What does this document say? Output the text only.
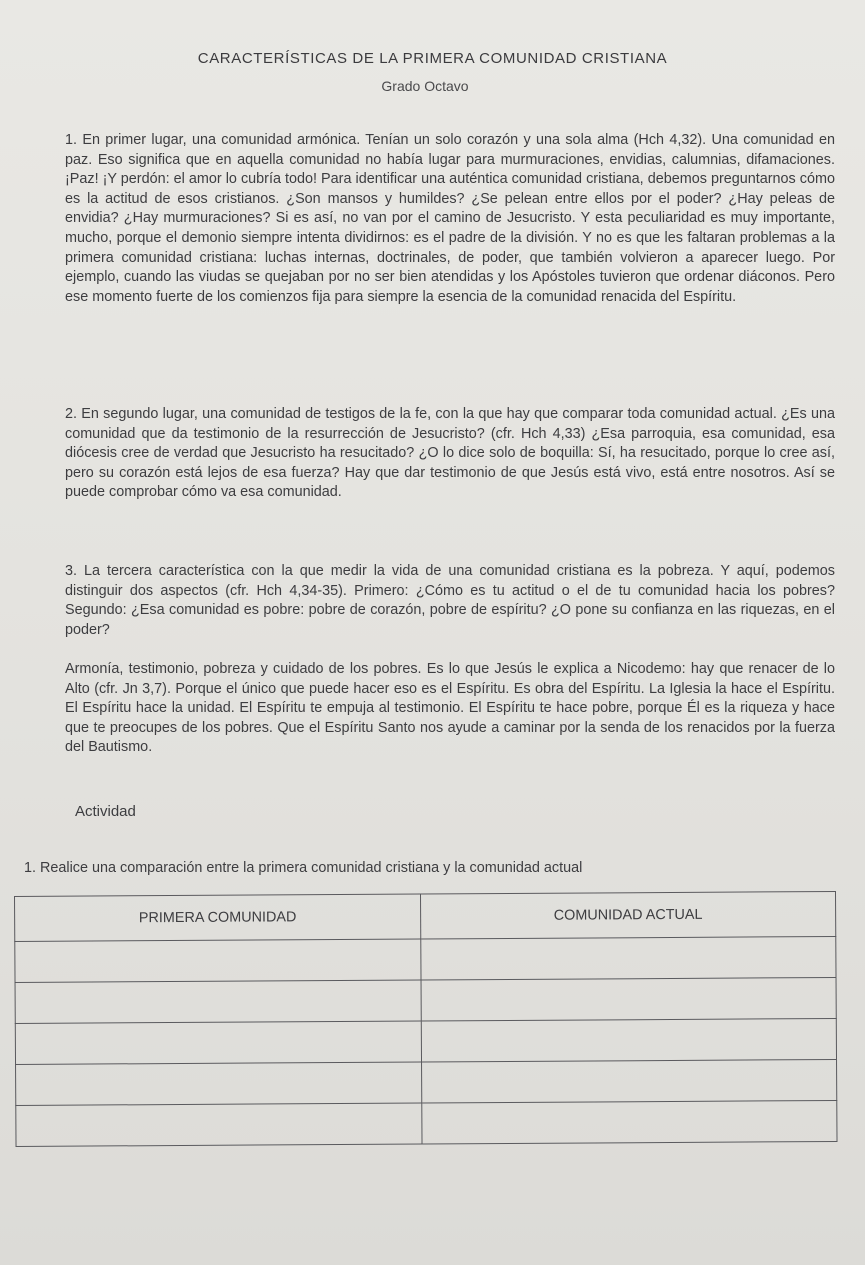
CARACTERÍSTICAS DE LA PRIMERA COMUNIDAD CRISTIANA

Grado Octavo

1. En primer lugar, una comunidad armónica. Tenían un solo corazón y una sola alma (Hch 4,32). Una comunidad en paz. Eso significa que en aquella comunidad no había lugar para murmuraciones, envidias, calumnias, difamaciones. ¡Paz! ¡Y perdón: el amor lo cubría todo! Para identificar una auténtica comunidad cristiana, debemos preguntarnos cómo es la actitud de esos cristianos. ¿Son mansos y humildes? ¿Se pelean entre ellos por el poder? ¿Hay peleas de envidia? ¿Hay murmuraciones? Si es así, no van por el camino de Jesucristo. Y esta peculiaridad es muy importante, mucho, porque el demonio siempre intenta dividirnos: es el padre de la división. Y no es que les faltaran problemas a la primera comunidad cristiana: luchas internas, doctrinales, de poder, que también volvieron a aparecer luego. Por ejemplo, cuando las viudas se quejaban por no ser bien atendidas y los Apóstoles tuvieron que ordenar diáconos. Pero ese momento fuerte de los comienzos fija para siempre la esencia de la comunidad renacida del Espíritu.

2. En segundo lugar, una comunidad de testigos de la fe, con la que hay que comparar toda comunidad actual. ¿Es una comunidad que da testimonio de la resurrección de Jesucristo? (cfr. Hch 4,33) ¿Esa parroquia, esa comunidad, esa diócesis cree de verdad que Jesucristo ha resucitado? ¿O lo dice solo de boquilla: Sí, ha resucitado, porque lo cree así, pero su corazón está lejos de esa fuerza? Hay que dar testimonio de que Jesús está vivo, está entre nosotros. Así se puede comprobar cómo va esa comunidad.

3. La tercera característica con la que medir la vida de una comunidad cristiana es la pobreza. Y aquí, podemos distinguir dos aspectos (cfr. Hch 4,34-35). Primero: ¿Cómo es tu actitud o el de tu comunidad hacia los pobres? Segundo: ¿Esa comunidad es pobre: pobre de corazón, pobre de espíritu? ¿O pone su confianza en las riquezas, en el poder?

Armonía, testimonio, pobreza y cuidado de los pobres. Es lo que Jesús le explica a Nicodemo: hay que renacer de lo Alto (cfr. Jn 3,7). Porque el único que puede hacer eso es el Espíritu. Es obra del Espíritu. La Iglesia la hace el Espíritu. El Espíritu hace la unidad. El Espíritu te empuja al testimonio. El Espíritu te hace pobre, porque Él es la riqueza y hace que te preocupes de los pobres. Que el Espíritu Santo nos ayude a caminar por la senda de los renacidos por la fuerza del Bautismo.

Actividad

1. Realice una comparación entre la primera comunidad cristiana y la comunidad actual

PRIMERA COMUNIDAD	COMUNIDAD ACTUAL
